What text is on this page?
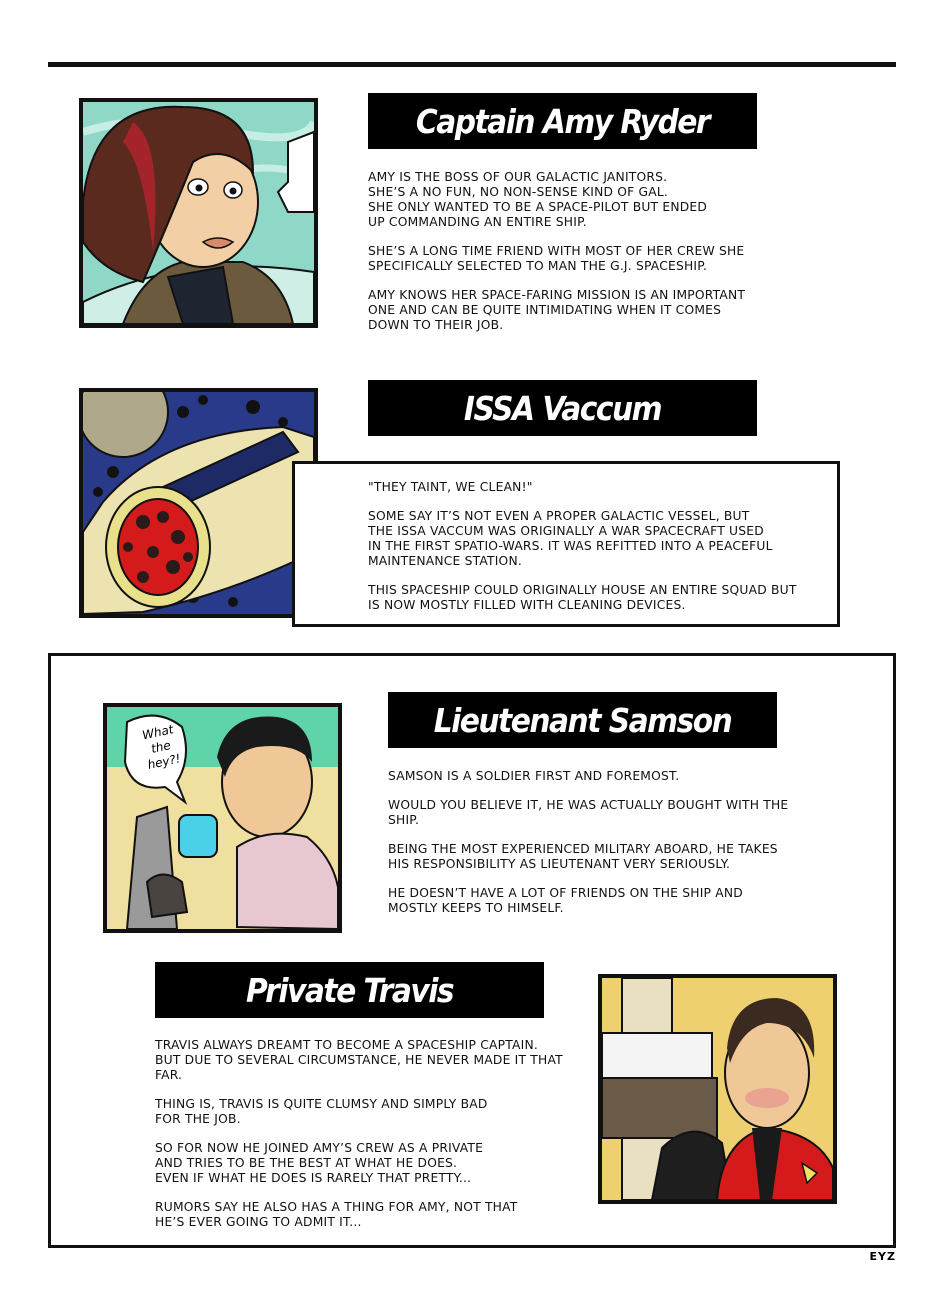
Captain Amy Ryder

AMY IS THE BOSS OF OUR GALACTIC JANITORS.
SHE’S A NO FUN, NO NON-SENSE KIND OF GAL.
SHE ONLY WANTED TO BE A SPACE-PILOT BUT ENDED
UP COMMANDING AN ENTIRE SHIP.

SHE’S A LONG TIME FRIEND WITH MOST OF HER CREW SHE
SPECIFICALLY SELECTED TO MAN THE G.J. SPACESHIP.

AMY KNOWS HER SPACE-FARING MISSION IS AN IMPORTANT
ONE AND CAN BE QUITE INTIMIDATING WHEN IT COMES
DOWN TO THEIR JOB.

ISSA Vaccum

"THEY TAINT, WE CLEAN!"

SOME SAY IT’S NOT EVEN A PROPER GALACTIC VESSEL, BUT
THE ISSA VACCUM WAS ORIGINALLY A WAR SPACECRAFT USED
IN THE FIRST SPATIO-WARS. IT WAS REFITTED INTO A PEACEFUL
MAINTENANCE STATION.

THIS SPACESHIP COULD ORIGINALLY HOUSE AN ENTIRE SQUAD BUT
IS NOW MOSTLY FILLED WITH CLEANING DEVICES.

What
the
hey?!
Lieutenant Samson

SAMSON IS A SOLDIER FIRST AND FOREMOST.

WOULD YOU BELIEVE IT, HE WAS ACTUALLY BOUGHT WITH THE
SHIP.

BEING THE MOST EXPERIENCED MILITARY ABOARD, HE TAKES
HIS RESPONSIBILITY AS LIEUTENANT VERY SERIOUSLY.

HE DOESN’T HAVE A LOT OF FRIENDS ON THE SHIP AND
MOSTLY KEEPS TO HIMSELF.

Private Travis

TRAVIS ALWAYS DREAMT TO BECOME A SPACESHIP CAPTAIN.
BUT DUE TO SEVERAL CIRCUMSTANCE, HE NEVER MADE IT THAT
FAR.

THING IS, TRAVIS IS QUITE CLUMSY AND SIMPLY BAD
FOR THE JOB.

SO FOR NOW HE JOINED AMY’S CREW AS A PRIVATE
AND TRIES TO BE THE BEST AT WHAT HE DOES.
EVEN IF WHAT HE DOES IS RARELY THAT PRETTY...

RUMORS SAY HE ALSO HAS A THING FOR AMY, NOT THAT
HE’S EVER GOING TO ADMIT IT...

EYZ
